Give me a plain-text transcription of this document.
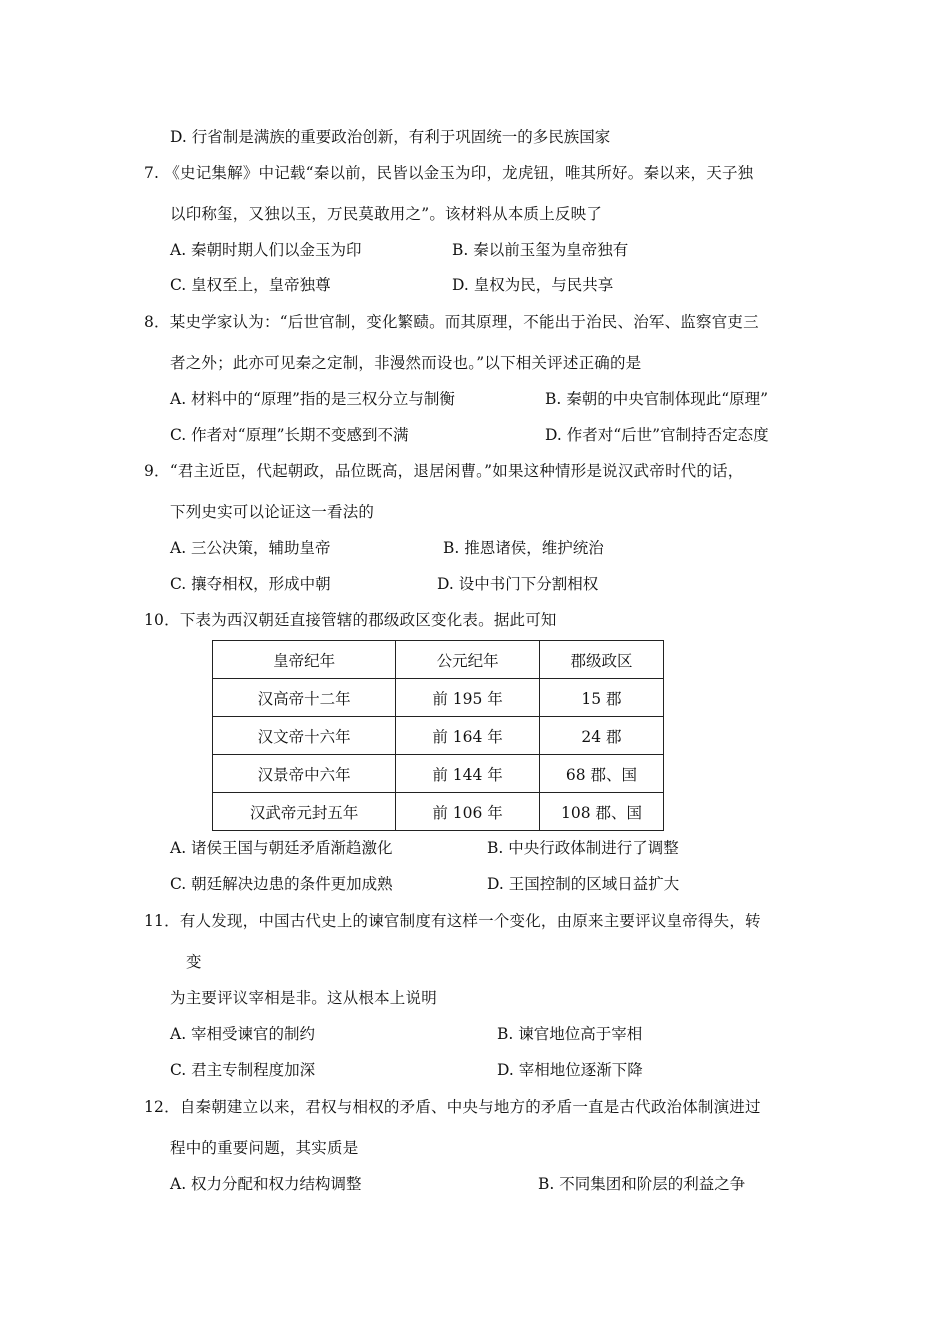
D. 行省制是满族的重要政治创新，有利于巩固统一的多民族国家
7. 《史记集解》中记载“秦以前，民皆以金玉为印，龙虎钮，唯其所好。秦以来，天子独
以印称玺，又独以玉，万民莫敢用之”。该材料从本质上反映了
A. 秦朝时期人们以金玉为印	B. 秦以前玉玺为皇帝独有
C. 皇权至上，皇帝独尊	D. 皇权为民，与民共享
8．某史学家认为：“后世官制，变化繁赜。而其原理，不能出于治民、治军、监察官吏三
者之外；此亦可见秦之定制，非漫然而设也。”以下相关评述正确的是
A. 材料中的“原理”指的是三权分立与制衡	B. 秦朝的中央官制体现此“原理”
C. 作者对“原理”长期不变感到不满	D. 作者对“后世”官制持否定态度
9．“君主近臣，代起朝政，品位既高，退居闲曹。”如果这种情形是说汉武帝时代的话，
下列史实可以论证这一看法的
A. 三公决策，辅助皇帝	B. 推恩诸侯，维护统治
C. 攘夺相权，形成中朝	D. 设中书门下分割相权
10．下表为西汉朝廷直接管辖的郡级政区变化表。据此可知
皇帝纪年	公元纪年	郡级政区
汉高帝十二年	前 195 年	15 郡
汉文帝十六年	前 164 年	24 郡
汉景帝中六年	前 144 年	68 郡、国
汉武帝元封五年	前 106 年	108 郡、国
A. 诸侯王国与朝廷矛盾渐趋激化	B. 中央行政体制进行了调整
C. 朝廷解决边患的条件更加成熟	D. 王国控制的区域日益扩大
11．有人发现，中国古代史上的谏官制度有这样一个变化，由原来主要评议皇帝得失，转
变
为主要评议宰相是非。这从根本上说明
A. 宰相受谏官的制约	B. 谏官地位高于宰相
C. 君主专制程度加深	D. 宰相地位逐渐下降
12．自秦朝建立以来，君权与相权的矛盾、中央与地方的矛盾一直是古代政治体制演进过
程中的重要问题，其实质是
A. 权力分配和权力结构调整	B. 不同集团和阶层的利益之争
